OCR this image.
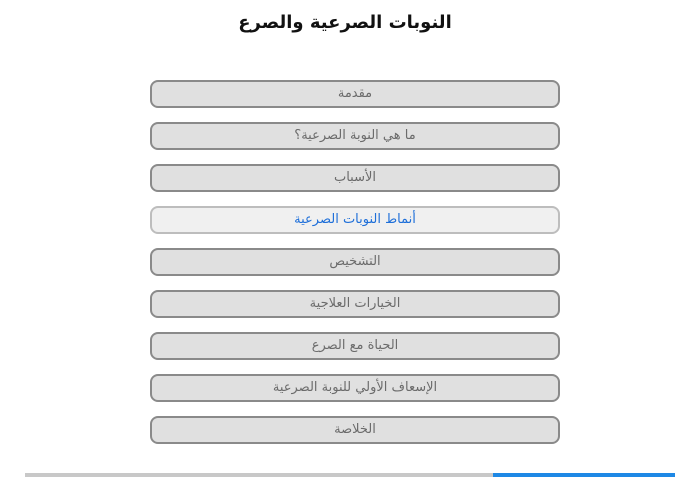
النوبات الصرعية والصرع
مقدمة
ما هي النوبة الصرعية؟
الأسباب
أنماط النوبات الصرعية
التشخيص
الخيارات العلاجية
الحياة مع الصرع
الإسعاف الأولي للنوبة الصرعية
الخلاصة
